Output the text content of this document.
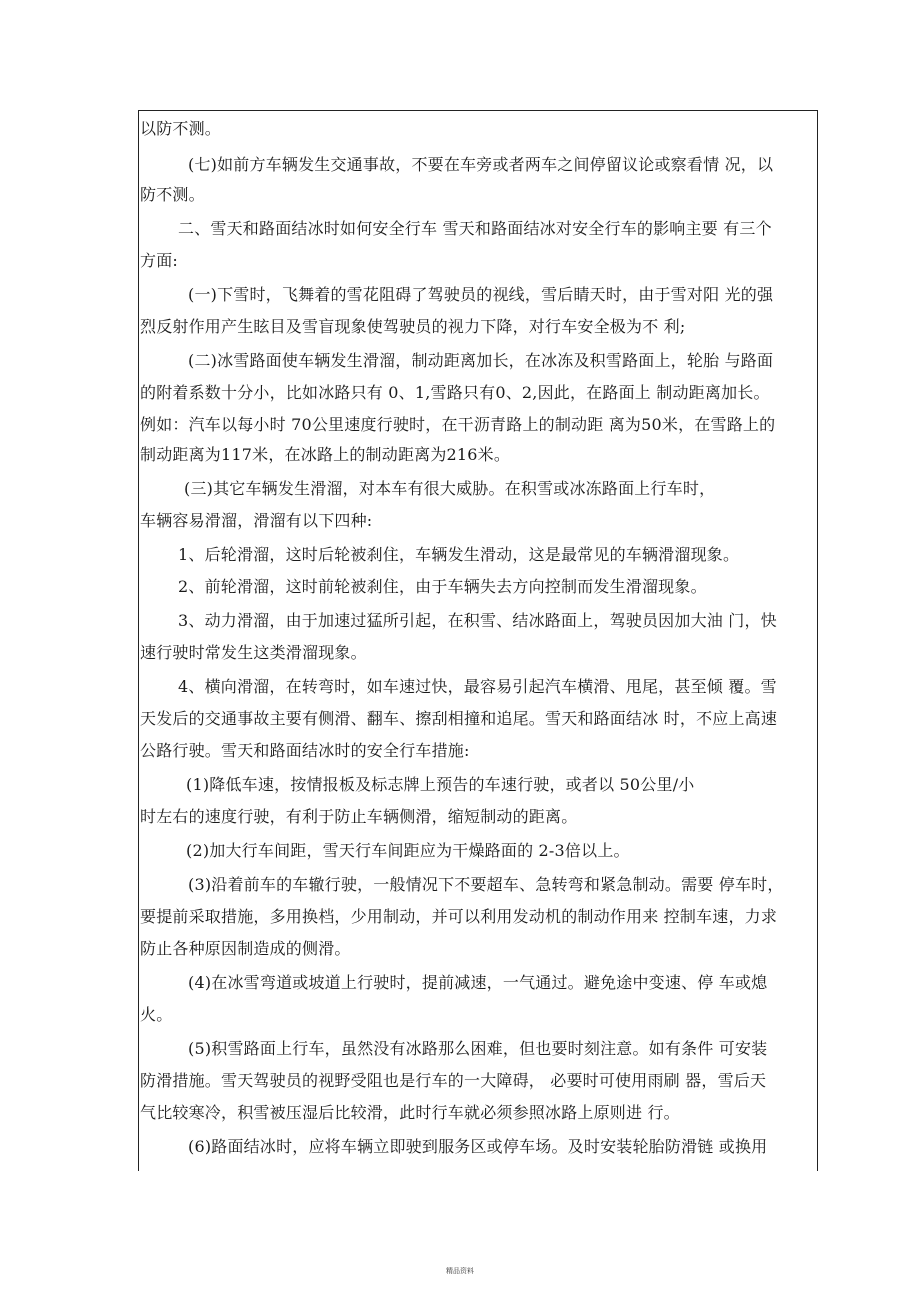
以防不测。
(七)如前方车辆发生交通事故，不要在车旁或者两车之间停留议论或察看情 况，以
防不测。
二、雪天和路面结冰时如何安全行车 雪天和路面结冰对安全行车的影响主要 有三个
方面:
(一)下雪时，飞舞着的雪花阻碍了驾驶员的视线，雪后睛天时，由于雪对阳 光的强
烈反射作用产生眩目及雪盲现象使驾驶员的视力下降，对行车安全极为不 利;
(二)冰雪路面使车辆发生滑溜，制动距离加长，在冰冻及积雪路面上，轮胎 与路面
的附着系数十分小，比如冰路只有 0、1,雪路只有0、2,因此，在路面上 制动距离加长。
例如：汽车以每小时 70公里速度行驶时，在干沥青路上的制动距 离为50米，在雪路上的
制动距离为117米，在冰路上的制动距离为216米。
(三)其它车辆发生滑溜，对本车有很大威胁。在积雪或冰冻路面上行车时，
车辆容易滑溜，滑溜有以下四种:
1、后轮滑溜，这时后轮被刹住，车辆发生滑动，这是最常见的车辆滑溜现象。
2、前轮滑溜，这时前轮被刹住，由于车辆失去方向控制而发生滑溜现象。
3、动力滑溜，由于加速过猛所引起，在积雪、结冰路面上，驾驶员因加大油 门，快
速行驶时常发生这类滑溜现象。
4、横向滑溜，在转弯时，如车速过快，最容易引起汽车横滑、甩尾，甚至倾 覆。雪
天发后的交通事故主要有侧滑、翻车、擦刮相撞和追尾。雪天和路面结冰 时，不应上高速
公路行驶。雪天和路面结冰时的安全行车措施:
(1)降低车速，按情报板及标志牌上预告的车速行驶，或者以 50公里/小
时左右的速度行驶，有利于防止车辆侧滑，缩短制动的距离。
(2)加大行车间距，雪天行车间距应为干燥路面的 2-3倍以上。
(3)沿着前车的车辙行驶，一般情况下不要超车、急转弯和紧急制动。需要 停车时，
要提前采取措施，多用换档，少用制动，并可以利用发动机的制动作用来 控制车速，力求
防止各种原因制造成的侧滑。
(4)在冰雪弯道或坡道上行驶时，提前减速，一气通过。避免途中变速、停 车或熄
火。
(5)积雪路面上行车，虽然没有冰路那么困难，但也要时刻注意。如有条件 可安装
防滑措施。雪天驾驶员的视野受阻也是行车的一大障碍， 必要时可使用雨刷 器，雪后天
气比较寒冷，积雪被压湿后比较滑，此时行车就必须参照冰路上原则进 行。
(6)路面结冰时，应将车辆立即驶到服务区或停车场。及时安装轮胎防滑链 或换用
精品资料
